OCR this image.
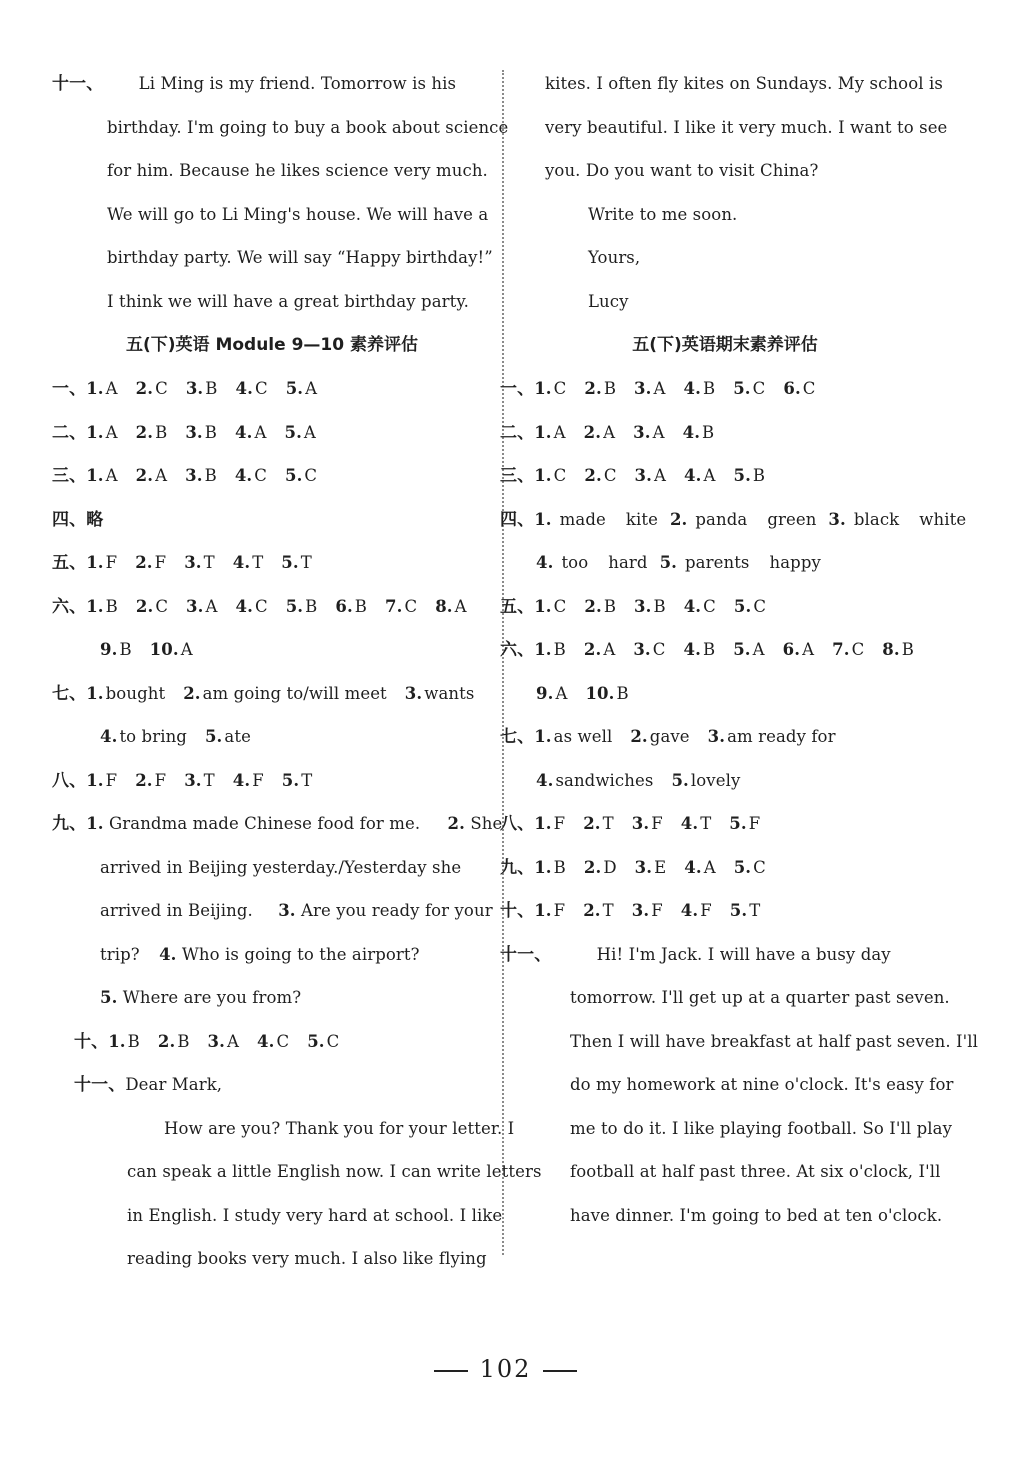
十一、 Li Ming is my friend. Tomorrow is his
birthday. I'm going to buy a book about science
for him. Because he likes science very much.
We will go to Li Ming's house. We will have a
birthday party. We will say “Happy birthday!”
I think we will have a great birthday party.
五(下)英语 Module 9—10 素养评估
一、1. A 2. C 3. B 4. C 5. A
二、1. A 2. B 3. B 4. A 5. A
三、1. A 2. A 3. B 4. C 5. C
四、略
五、1. F 2. F 3. T 4. T 5. T
六、1. B 2. C 3. A 4. C 5. B 6. B 7. C 8. A
9. B 10. A
七、1. bought 2. am going to/will meet 3. wants
4. to bring 5. ate
八、1. F 2. F 3. T 4. F 5. T
九、1. Grandma made Chinese food for me. 2. She
arrived in Beijing yesterday./Yesterday she
arrived in Beijing. 3. Are you ready for your
trip? 4. Who is going to the airport?
5. Where are you from?
十、1. B 2. B 3. A 4. C 5. C
十一、Dear Mark,
How are you? Thank you for your letter. I
can speak a little English now. I can write letters
in English. I study very hard at school. I like
reading books very much. I also like flying
kites. I often fly kites on Sundays. My school is
very beautiful. I like it very much. I want to see
you. Do you want to visit China?
Write to me soon.
Yours,
Lucy
五(下)英语期末素养评估
一、1. C 2. B 3. A 4. B 5. C 6. C
二、1. A 2. A 3. A 4. B
三、1. C 2. C 3. A 4. A 5. B
四、1. made kite 2. panda green 3. black white
4. too hard 5. parents happy
五、1. C 2. B 3. B 4. C 5. C
六、1. B 2. A 3. C 4. B 5. A 6. A 7. C 8. B
9. A 10. B
七、1. as well 2. gave 3. am ready for
4. sandwiches 5. lovely
八、1. F 2. T 3. F 4. T 5. F
九、1. B 2. D 3. E 4. A 5. C
十、1. F 2. T 3. F 4. F 5. T
十一、	Hi! I'm Jack. I will have a busy day
tomorrow. I'll get up at a quarter past seven.
Then I will have breakfast at half past seven. I'll
do my homework at nine o'clock. It's easy for
me to do it. I like playing football. So I'll play
football at half past three. At six o'clock, I'll
have dinner. I'm going to bed at ten o'clock.
102
